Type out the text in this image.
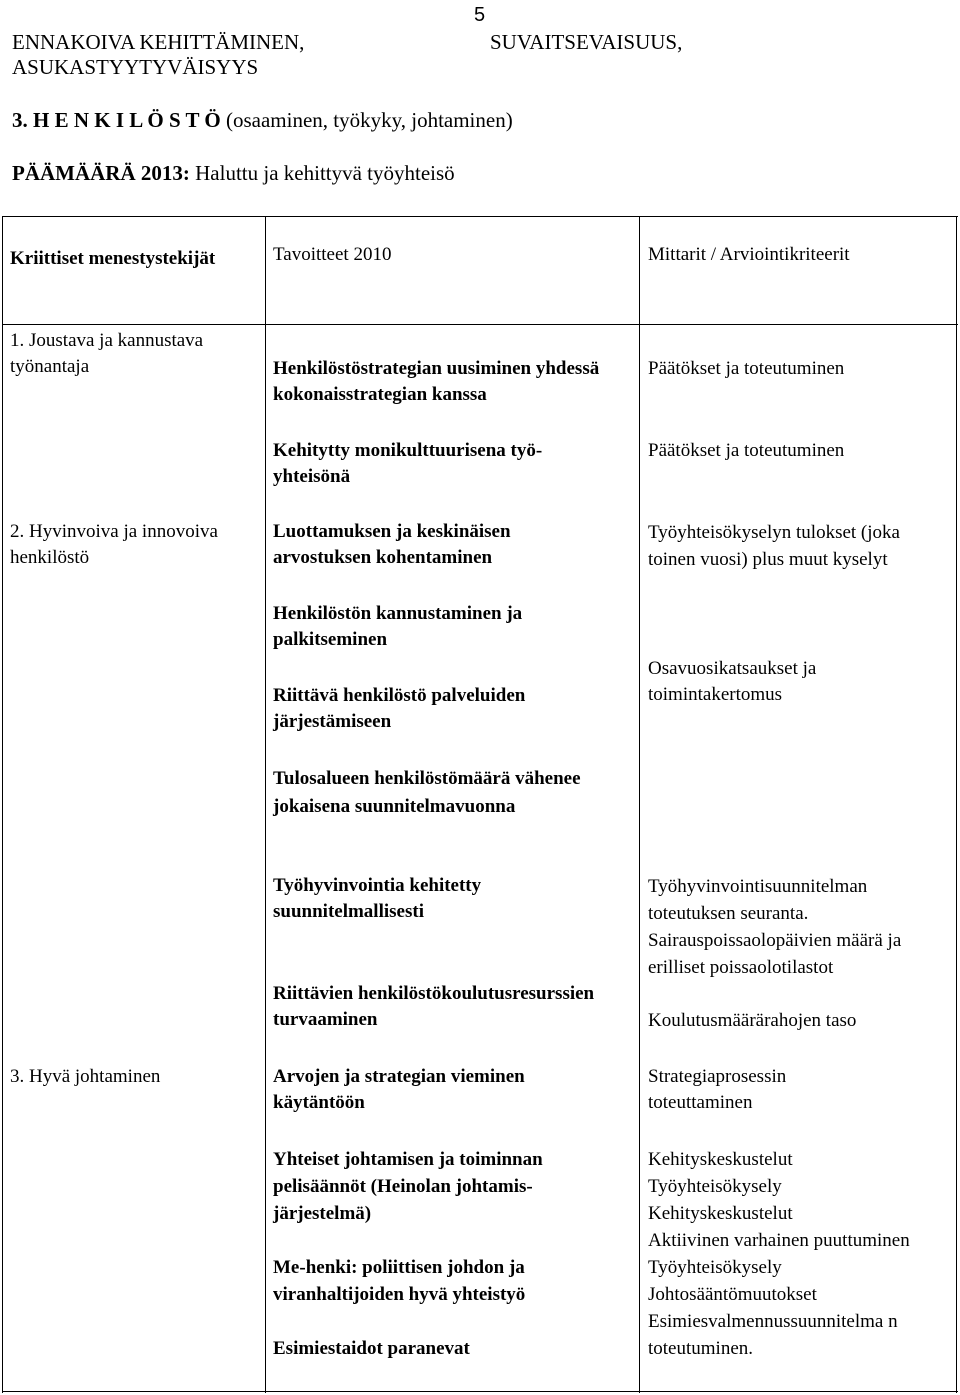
5
ENNAKOIVA KEHITTÄMINEN,
ASUKASTYYTYVÄISYYS
SUVAITSEVAISUUS,
3. H E N K I L Ö S T Ö (osaaminen, työkyky, johtaminen)
PÄÄMÄÄRÄ 2013: Haluttu ja kehittyvä työyhteisö
Kriittiset menestystekijät	Tavoitteet 2010	Mittarit / Arviointikriteerit
1. Joustava ja kannustava työnantaja
2. Hyvinvoiva ja innovoiva henkilöstö
3. Hyvä johtaminen
Henkilöstöstrategian uusiminen yhdessä kokonaisstrategian kanssa
Kehitytty monikulttuurisena työ-yhteisönä
Luottamuksen ja keskinäisen arvostuksen kohentaminen
Henkilöstön kannustaminen ja palkitseminen
Riittävä henkilöstö palveluiden järjestämiseen
Tulosalueen henkilöstömäärä vähenee jokaisena suunnitelmavuonna
Työhyvinvointia kehitetty suunnitelmallisesti
Riittävien henkilöstökoulutusresurssien turvaaminen
Arvojen ja strategian vieminen käytäntöön
Yhteiset johtamisen ja toiminnan pelisäännöt (Heinolan johtamis-järjestelmä)
Me-henki: poliittisen johdon ja viranhaltijoiden hyvä yhteistyö
Esimiestaidot paranevat
Päätökset ja toteutuminen
Päätökset ja toteutuminen
Työyhteisökyselyn tulokset (joka toinen vuosi) plus muut kyselyt
Osavuosikatsaukset ja toimintakertomus
Työhyvinvointisuunnitelman toteutuksen seuranta. Sairauspoissaolopäivien määrä ja erilliset poissaolotilastot
Koulutusmäärärahojen taso
Strategiaprosessin toteuttaminen
Kehityskeskustelut
Työyhteisökysely
Kehityskeskustelut
Aktiivinen varhainen puuttuminen
Työyhteisökysely
Johtosääntömuutokset
Esimiesvalmennussuunnitelma n toteutuminen.
